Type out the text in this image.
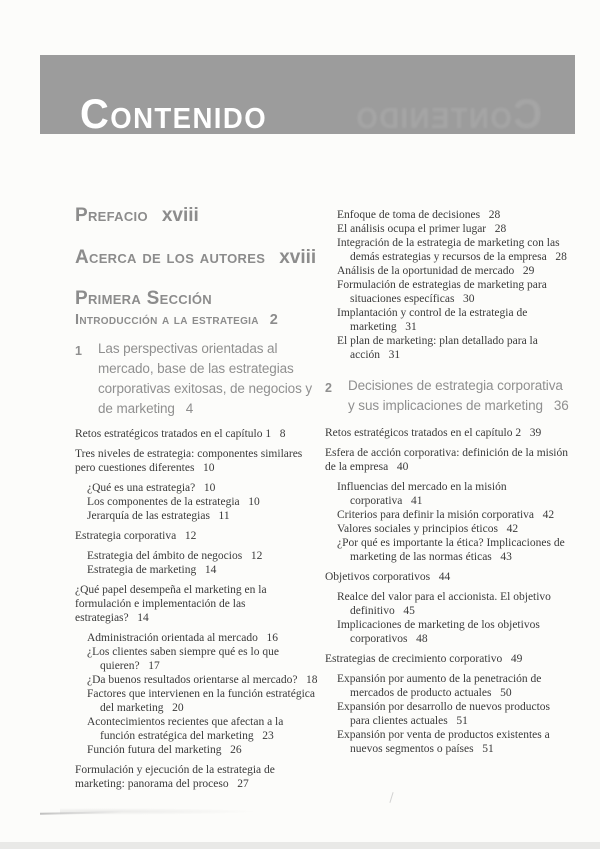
Contenido Contenido
Prefacio xviii
Acerca de los autores xviii
Primera Sección
Introducción a la estrategia 2
1	Las perspectivas orientadas al mercado, base de las estrategias corporativas exitosas, de negocios y de marketing   4
Retos estratégicos tratados en el capítulo 1   8
Tres niveles de estrategia: componentes similares pero cuestiones diferentes   10
¿Qué es una estrategia?   10
Los componentes de la estrategia   10
Jerarquía de las estrategias   11
Estrategia corporativa   12
Estrategia del ámbito de negocios   12
Estrategia de marketing   14
¿Qué papel desempeña el marketing en la formulación e implementación de las estrategias?   14
Administración orientada al mercado   16
¿Los clientes saben siempre qué es lo que quieren?   17
¿Da buenos resultados orientarse al mercado?   18
Factores que intervienen en la función estratégica del marketing   20
Acontecimientos recientes que afectan a la función estratégica del marketing   23
Función futura del marketing   26
Formulación y ejecución de la estrategia de marketing: panorama del proceso   27
Enfoque de toma de decisiones   28
El análisis ocupa el primer lugar   28
Integración de la estrategia de marketing con las demás estrategias y recursos de la empresa   28
Análisis de la oportunidad de mercado   29
Formulación de estrategias de marketing para situaciones específicas   30
Implantación y control de la estrategia de marketing   31
El plan de marketing: plan detallado para la acción   31
2	Decisiones de estrategia corporativa y sus implicaciones de marketing   36
Retos estratégicos tratados en el capítulo 2   39
Esfera de acción corporativa: definición de la misión de la empresa   40
Influencias del mercado en la misión corporativa   41
Criterios para definir la misión corporativa   42
Valores sociales y principios éticos   42
¿Por qué es importante la ética? Implicaciones de marketing de las normas éticas   43
Objetivos corporativos   44
Realce del valor para el accionista. El objetivo definitivo   45
Implicaciones de marketing de los objetivos corporativos   48
Estrategias de crecimiento corporativo   49
Expansión por aumento de la penetración de mercados de producto actuales   50
Expansión por desarrollo de nuevos productos para clientes actuales   51
Expansión por venta de productos existentes a nuevos segmentos o países   51
